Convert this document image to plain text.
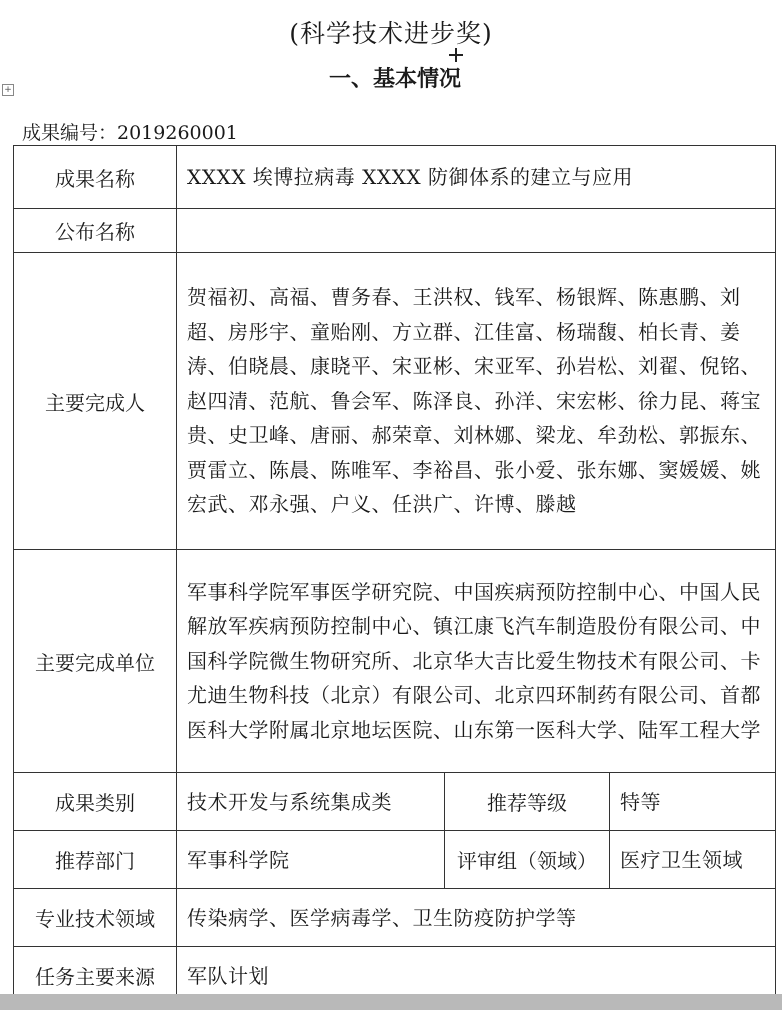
(科学技术进步奖)
一、基本情况
+
成果编号：2019260001
成果名称	XXXX 埃博拉病毒 XXXX 防御体系的建立与应用		
公布名称			
主要完成人	贺福初、高福、曹务春、王洪权、钱军、杨银辉、陈惠鹏、刘超、房彤宇、童贻刚、方立群、江佳富、杨瑞馥、柏长青、姜涛、伯晓晨、康晓平、宋亚彬、宋亚军、孙岩松、刘翟、倪铭、赵四清、范航、鲁会军、陈泽良、孙洋、宋宏彬、徐力昆、蒋宝贵、史卫峰、唐丽、郝荣章、刘林娜、梁龙、牟劲松、郭振东、贾雷立、陈晨、陈唯军、李裕昌、张小爱、张东娜、窦媛媛、姚宏武、邓永强、户义、任洪广、许博、滕越		
主要完成单位	军事科学院军事医学研究院、中国疾病预防控制中心、中国人民解放军疾病预防控制中心、镇江康飞汽车制造股份有限公司、中国科学院微生物研究所、北京华大吉比爱生物技术有限公司、卡尤迪生物科技（北京）有限公司、北京四环制药有限公司、首都医科大学附属北京地坛医院、山东第一医科大学、陆军工程大学		
成果类别	技术开发与系统集成类	推荐等级	特等
推荐部门	军事科学院	评审组（领域）	医疗卫生领域
专业技术领域	传染病学、医学病毒学、卫生防疫防护学等		
任务主要来源	军队计划		
